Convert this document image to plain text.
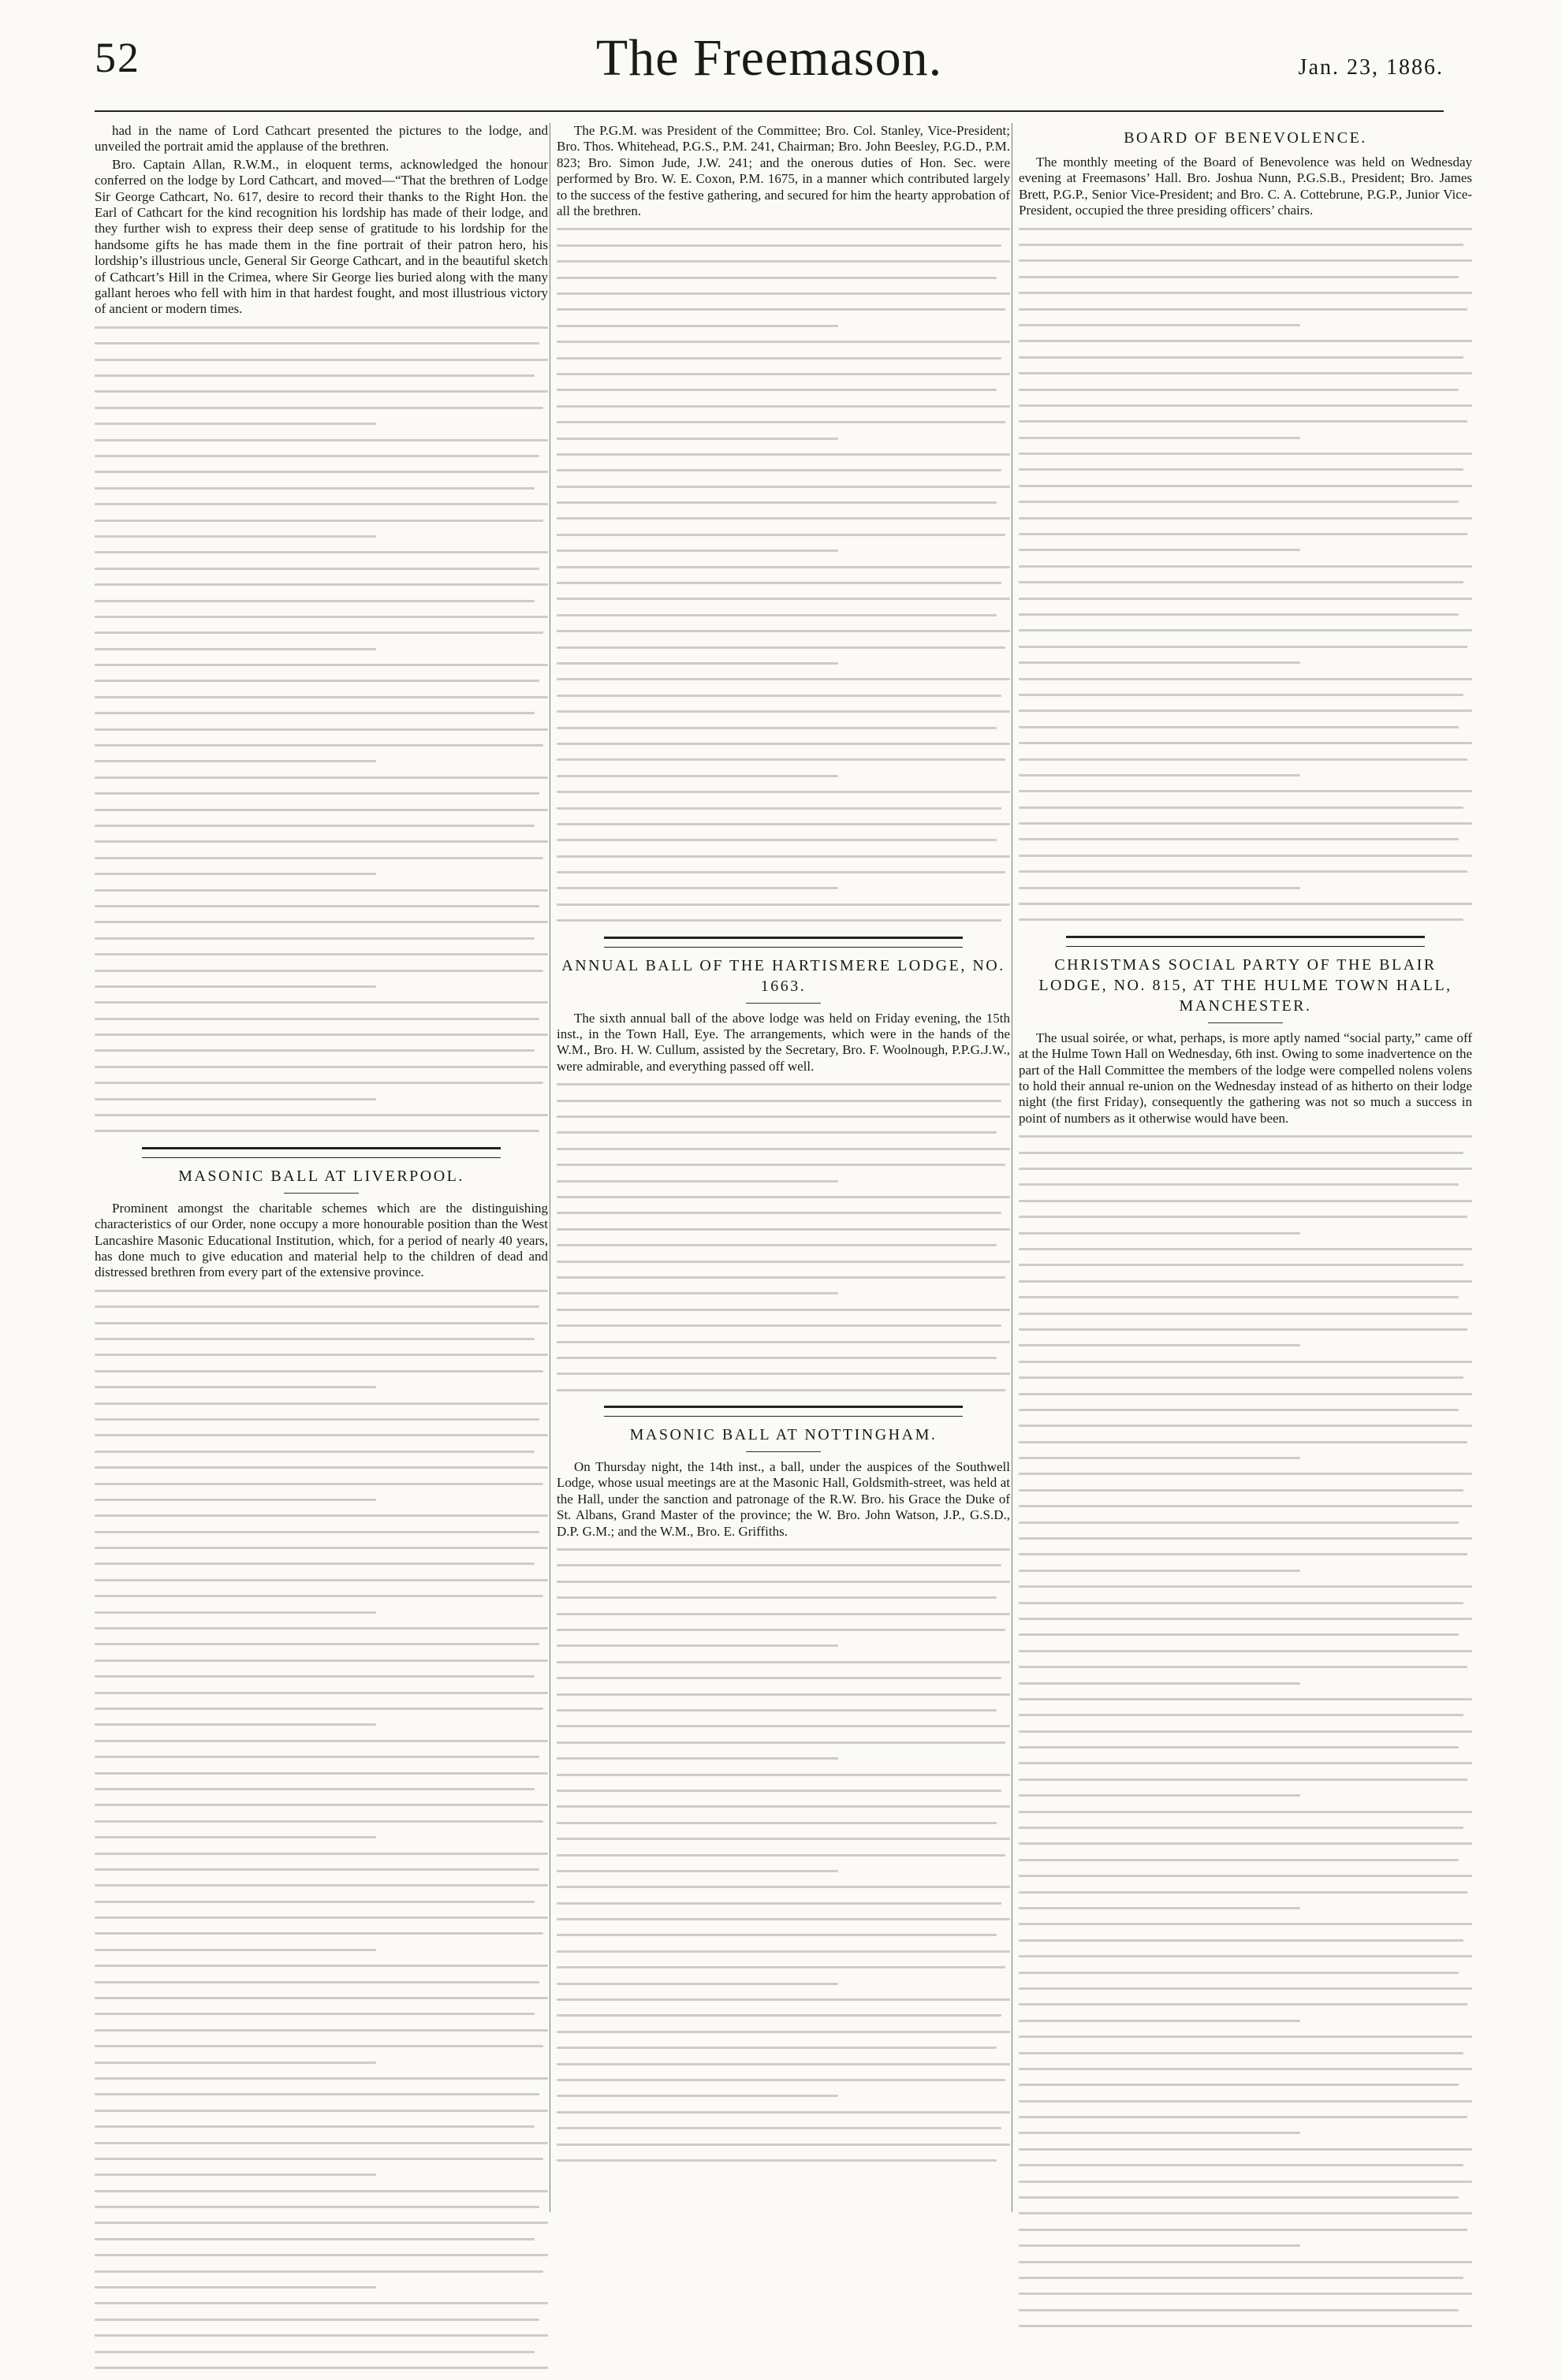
52	The Freemason.	Jan. 23, 1886.

had in the name of Lord Cathcart presented the pictures to the lodge, and unveiled the portrait amid the applause of the brethren.

Bro. Captain Allan, R.W.M., in eloquent terms, acknowledged the honour conferred on the lodge by Lord Cathcart, and moved—“That the brethren of Lodge Sir George Cathcart, No. 617, desire to record their thanks to the Right Hon. the Earl of Cathcart for the kind recognition his lordship has made of their lodge, and they further wish to express their deep sense of gratitude to his lordship for the handsome gifts he has made them in the fine portrait of their patron hero, his lordship’s illustrious uncle, General Sir George Cathcart, and in the beautiful sketch of Cathcart’s Hill in the Crimea, where Sir George lies buried along with the many gallant heroes who fell with him in that hardest fought, and most illustrious victory of ancient or modern times.

MASONIC BALL AT LIVERPOOL.

Prominent amongst the charitable schemes which are the distinguishing characteristics of our Order, none occupy a more honourable position than the West Lancashire Masonic Educational Institution, which, for a period of nearly 40 years, has done much to give education and material help to the children of dead and distressed brethren from every part of the extensive province.

The P.G.M. was President of the Committee; Bro. Col. Stanley, Vice-President; Bro. Thos. Whitehead, P.G.S., P.M. 241, Chairman; Bro. John Beesley, P.G.D., P.M. 823; Bro. Simon Jude, J.W. 241; and the onerous duties of Hon. Sec. were performed by Bro. W. E. Coxon, P.M. 1675, in a manner which contributed largely to the success of the festive gathering, and secured for him the hearty approbation of all the brethren.

ANNUAL BALL OF THE HARTISMERE LODGE, NO. 1663.

The sixth annual ball of the above lodge was held on Friday evening, the 15th inst., in the Town Hall, Eye. The arrangements, which were in the hands of the W.M., Bro. H. W. Cullum, assisted by the Secretary, Bro. F. Woolnough, P.P.G.J.W., were admirable, and everything passed off well.

MASONIC BALL AT NOTTINGHAM.

On Thursday night, the 14th inst., a ball, under the auspices of the Southwell Lodge, whose usual meetings are at the Masonic Hall, Goldsmith-street, was held at the Hall, under the sanction and patronage of the R.W. Bro. his Grace the Duke of St. Albans, Grand Master of the province; the W. Bro. John Watson, J.P., G.S.D., D.P. G.M.; and the W.M., Bro. E. Griffiths.

BOARD OF BENEVOLENCE.

The monthly meeting of the Board of Benevolence was held on Wednesday evening at Freemasons’ Hall. Bro. Joshua Nunn, P.G.S.B., President; Bro. James Brett, P.G.P., Senior Vice-President; and Bro. C. A. Cottebrune, P.G.P., Junior Vice-President, occupied the three presiding officers’ chairs.

CHRISTMAS SOCIAL PARTY OF THE BLAIR LODGE, NO. 815, AT THE HULME TOWN HALL, MANCHESTER.

The usual soirée, or what, perhaps, is more aptly named “social party,” came off at the Hulme Town Hall on Wednesday, 6th inst. Owing to some inadvertence on the part of the Hall Committee the members of the lodge were compelled nolens volens to hold their annual re-union on the Wednesday instead of as hitherto on their lodge night (the first Friday), consequently the gathering was not so much a success in point of numbers as it otherwise would have been.
